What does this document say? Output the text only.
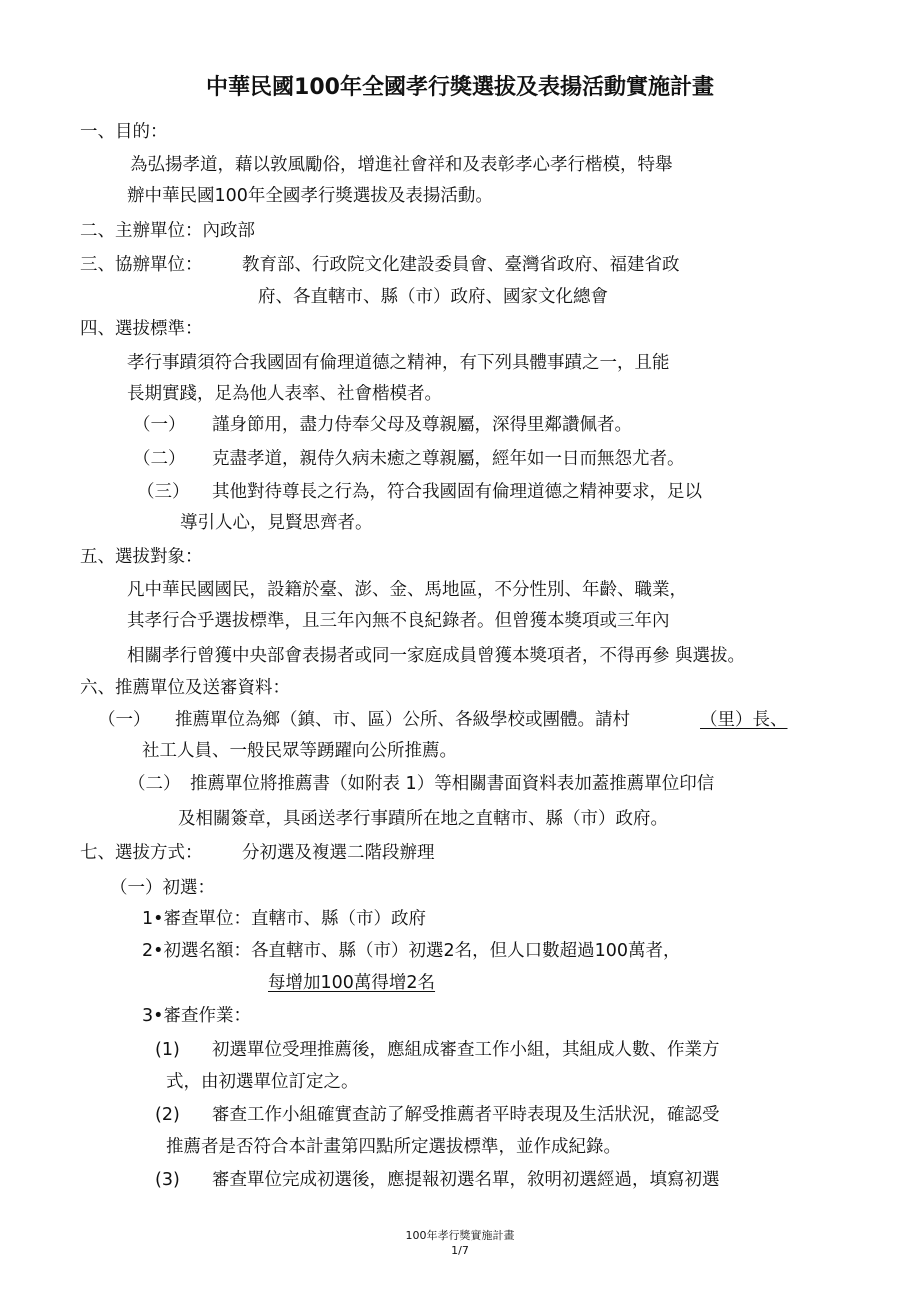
中華民國100年全國孝行獎選拔及表揚活動實施計畫
一、目的：
為弘揚孝道，藉以敦風勵俗，增進社會祥和及表彰孝心孝行楷模，特舉
辦中華民國100年全國孝行獎選拔及表揚活動。
二、主辦單位：內政部
三、協辦單位： 教育部、行政院文化建設委員會、臺灣省政府、福建省政
府、各直轄市、縣（市）政府、國家文化總會
四、選拔標準：
孝行事蹟須符合我國固有倫理道德之精神，有下列具體事蹟之一，且能
長期實踐，足為他人表率、社會楷模者。
（一） 謹身節用，盡力侍奉父母及尊親屬，深得里鄰讚佩者。
（二） 克盡孝道，親侍久病未癒之尊親屬，經年如一日而無怨尤者。
（三） 其他對待尊長之行為，符合我國固有倫理道德之精神要求，足以
導引人心，見賢思齊者。
五、選拔對象：
凡中華民國國民，設籍於臺、澎、金、馬地區，不分性別、年齡、職業，
其孝行合乎選拔標準，且三年內無不良紀錄者。但曾獲本獎項或三年內
相關孝行曾獲中央部會表揚者或同一家庭成員曾獲本獎項者，不得再參 與選拔。
六、推薦單位及送審資料：
（一） 推薦單位為鄉（鎮、市、區）公所、各級學校或團體。請村	（里）長、
社工人員、一般民眾等踴躍向公所推薦。
（二） 推薦單位將推薦書（如附表 1）等相關書面資料表加蓋推薦單位印信
及相關簽章，具函送孝行事蹟所在地之直轄市、縣（市）政府。
七、選拔方式： 分初選及複選二階段辦理
（一）初選：
1•審查單位：直轄市、縣（市）政府
2•初選名額：各直轄市、縣（市）初選2名，但人口數超過100萬者，
每增加100萬得增2名
3•審查作業：
(1) 初選單位受理推薦後，應組成審查工作小組，其組成人數、作業方
式，由初選單位訂定之。
(2) 審查工作小組確實查訪了解受推薦者平時表現及生活狀況，確認受
推薦者是否符合本計畫第四點所定選拔標準，並作成紀錄。
(3) 審查單位完成初選後，應提報初選名單，敘明初選經過，填寫初選
100年孝行獎實施計畫
1/7
